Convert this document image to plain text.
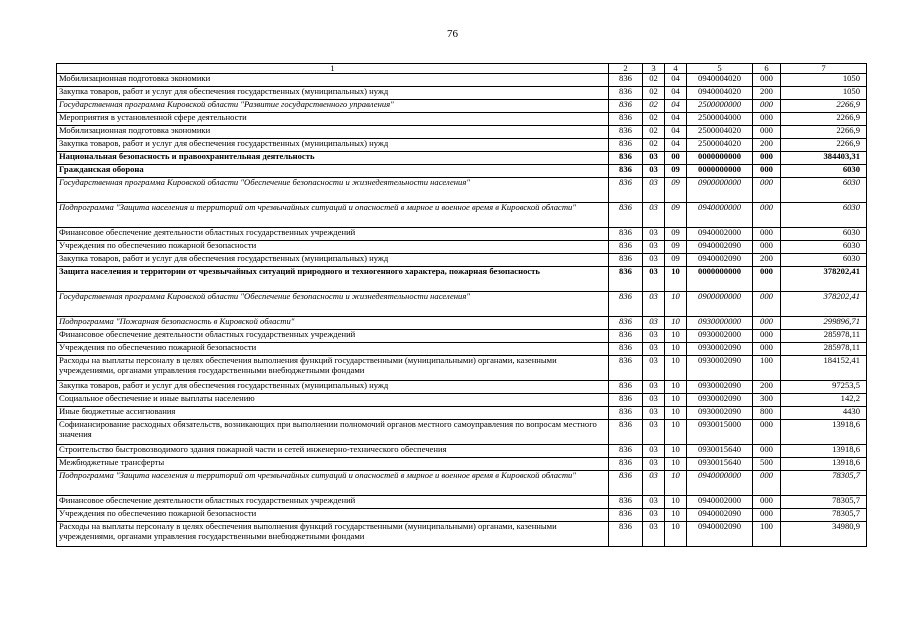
76
1	2	3	4	5	6	7
Мобилизационная подготовка экономики	836	02	04	0940004020	000	1050
Закупка товаров, работ и услуг для обеспечения государственных (муниципальных) нужд	836	02	04	0940004020	200	1050
Государственная программа Кировской области "Развитие государственного управления"	836	02	04	2500000000	000	2266,9
Мероприятия в установленной сфере деятельности	836	02	04	2500004000	000	2266,9
Мобилизационная подготовка экономики	836	02	04	2500004020	000	2266,9
Закупка товаров, работ и услуг для обеспечения государственных (муниципальных) нужд	836	02	04	2500004020	200	2266,9
Национальная безопасность и правоохранительная деятельность	836	03	00	0000000000	000	384403,31
Гражданская оборона	836	03	09	0000000000	000	6030
Государственная программа Кировской области "Обеспечение безопасности и жизнедеятельности населения"	836	03	09	0900000000	000	6030
Подпрограмма "Защита населения и территорий от чрезвычайных ситуаций и опасностей в мирное и военное время в Кировской области"	836	03	09	0940000000	000	6030
Финансовое обеспечение деятельности областных государственных учреждений	836	03	09	0940002000	000	6030
Учреждения по обеспечению пожарной безопасности	836	03	09	0940002090	000	6030
Закупка товаров, работ и услуг для обеспечения государственных (муниципальных) нужд	836	03	09	0940002090	200	6030
Защита населения и территории от чрезвычайных ситуаций природного и техногенного характера, пожарная безопасность	836	03	10	0000000000	000	378202,41
Государственная программа Кировской области "Обеспечение безопасности и жизнедеятельности населения"	836	03	10	0900000000	000	378202,41
Подпрограмма "Пожарная безопасность в Кировской области"	836	03	10	0930000000	000	299896,71
Финансовое обеспечение деятельности областных государственных учреждений	836	03	10	0930002000	000	285978,11
Учреждения по обеспечению пожарной безопасности	836	03	10	0930002090	000	285978,11
Расходы на выплаты персоналу в целях обеспечения выполнения функций государственными (муниципальными) органами, казенными учреждениями, органами управления государственными внебюджетными фондами	836	03	10	0930002090	100	184152,41
Закупка товаров, работ и услуг для обеспечения государственных (муниципальных) нужд	836	03	10	0930002090	200	97253,5
Социальное обеспечение и иные выплаты населению	836	03	10	0930002090	300	142,2
Иные бюджетные ассигнования	836	03	10	0930002090	800	4430
Софинансирование расходных обязательств, возникающих при выполнении полномочий органов местного самоуправления по вопросам местного значения	836	03	10	0930015000	000	13918,6
Строительство быстровозводимого здания пожарной части и сетей инженерно-технического обеспечения	836	03	10	0930015640	000	13918,6
Межбюджетные трансферты	836	03	10	0930015640	500	13918,6
Подпрограмма "Защита населения и территорий от чрезвычайных ситуаций и опасностей в мирное и военное время в Кировской области"	836	03	10	0940000000	000	78305,7
Финансовое обеспечение деятельности областных государственных учреждений	836	03	10	0940002000	000	78305,7
Учреждения по обеспечению пожарной безопасности	836	03	10	0940002090	000	78305,7
Расходы на выплаты персоналу в целях обеспечения выполнения функций государственными (муниципальными) органами, казенными учреждениями, органами управления государственными внебюджетными фондами	836	03	10	0940002090	100	34980,9
